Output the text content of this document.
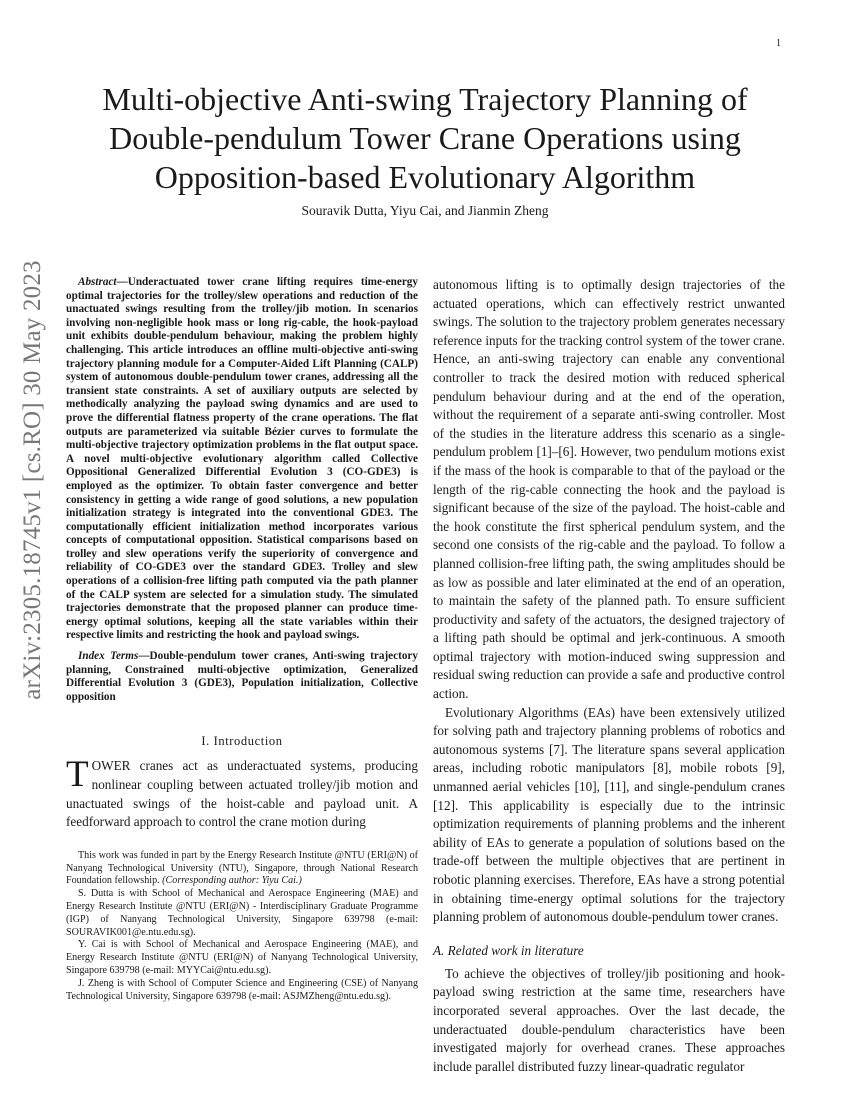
1
arXiv:2305.18745v1 [cs.RO] 30 May 2023
Multi-objective Anti-swing Trajectory Planning of Double-pendulum Tower Crane Operations using Opposition-based Evolutionary Algorithm
Souravik Dutta, Yiyu Cai, and Jianmin Zheng

Abstract—Underactuated tower crane lifting requires time-energy optimal trajectories for the trolley/slew operations and reduction of the unactuated swings resulting from the trolley/jib motion. In scenarios involving non-negligible hook mass or long rig-cable, the hook-payload unit exhibits double-pendulum behaviour, making the problem highly challenging. This article introduces an offline multi-objective anti-swing trajectory planning module for a Computer-Aided Lift Planning (CALP) system of autonomous double-pendulum tower cranes, addressing all the transient state constraints. A set of auxiliary outputs are selected by methodically analyzing the payload swing dynamics and are used to prove the differential flatness property of the crane operations. The flat outputs are parameterized via suitable Bézier curves to formulate the multi-objective trajectory optimization problems in the flat output space. A novel multi-objective evolutionary algorithm called Collective Oppositional Generalized Differential Evolution 3 (CO-GDE3) is employed as the optimizer. To obtain faster convergence and better consistency in getting a wide range of good solutions, a new population initialization strategy is integrated into the conventional GDE3. The computationally efficient initialization method incorporates various concepts of computational opposition. Statistical comparisons based on trolley and slew operations verify the superiority of convergence and reliability of CO-GDE3 over the standard GDE3. Trolley and slew operations of a collision-free lifting path computed via the path planner of the CALP system are selected for a simulation study. The simulated trajectories demonstrate that the proposed planner can produce time-energy optimal solutions, keeping all the state variables within their respective limits and restricting the hook and payload swings.

Index Terms—Double-pendulum tower cranes, Anti-swing trajectory planning, Constrained multi-objective optimization, Generalized Differential Evolution 3 (GDE3), Population initialization, Collective opposition

I. Introduction

TOWER cranes act as underactuated systems, producing nonlinear coupling between actuated trolley/jib motion and unactuated swings of the hoist-cable and payload unit. A feedforward approach to control the crane motion during

This work was funded in part by the Energy Research Institute @NTU (ERI@N) of Nanyang Technological University (NTU), Singapore, through National Research Foundation fellowship. (Corresponding author: Yiyu Cai.)

S. Dutta is with School of Mechanical and Aerospace Engineering (MAE) and Energy Research Institute @NTU (ERI@N) - Interdisciplinary Graduate Programme (IGP) of Nanyang Technological University, Singapore 639798 (e-mail: SOURAVIK001@e.ntu.edu.sg).

Y. Cai is with School of Mechanical and Aerospace Engineering (MAE), and Energy Research Institute @NTU (ERI@N) of Nanyang Technological University, Singapore 639798 (e-mail: MYYCai@ntu.edu.sg).

J. Zheng is with School of Computer Science and Engineering (CSE) of Nanyang Technological University, Singapore 639798 (e-mail: ASJMZheng@ntu.edu.sg).

autonomous lifting is to optimally design trajectories of the actuated operations, which can effectively restrict unwanted swings. The solution to the trajectory problem generates necessary reference inputs for the tracking control system of the tower crane. Hence, an anti-swing trajectory can enable any conventional controller to track the desired motion with reduced spherical pendulum behaviour during and at the end of the operation, without the requirement of a separate anti-swing controller. Most of the studies in the literature address this scenario as a single-pendulum problem [1]–[6]. However, two pendulum motions exist if the mass of the hook is comparable to that of the payload or the length of the rig-cable connecting the hook and the payload is significant because of the size of the payload. The hoist-cable and the hook constitute the first spherical pendulum system, and the second one consists of the rig-cable and the payload. To follow a planned collision-free lifting path, the swing amplitudes should be as low as possible and later eliminated at the end of an operation, to maintain the safety of the planned path. To ensure sufficient productivity and safety of the actuators, the designed trajectory of a lifting path should be optimal and jerk-continuous. A smooth optimal trajectory with motion-induced swing suppression and residual swing reduction can provide a safe and productive control action.

Evolutionary Algorithms (EAs) have been extensively utilized for solving path and trajectory planning problems of robotics and autonomous systems [7]. The literature spans several application areas, including robotic manipulators [8], mobile robots [9], unmanned aerial vehicles [10], [11], and single-pendulum cranes [12]. This applicability is especially due to the intrinsic optimization requirements of planning problems and the inherent ability of EAs to generate a population of solutions based on the trade-off between the multiple objectives that are pertinent in robotic planning exercises. Therefore, EAs have a strong potential in obtaining time-energy optimal solutions for the trajectory planning problem of autonomous double-pendulum tower cranes.

A. Related work in literature

To achieve the objectives of trolley/jib positioning and hook-payload swing restriction at the same time, researchers have incorporated several approaches. Over the last decade, the underactuated double-pendulum characteristics have been investigated majorly for overhead cranes. These approaches include parallel distributed fuzzy linear-quadratic regulator
